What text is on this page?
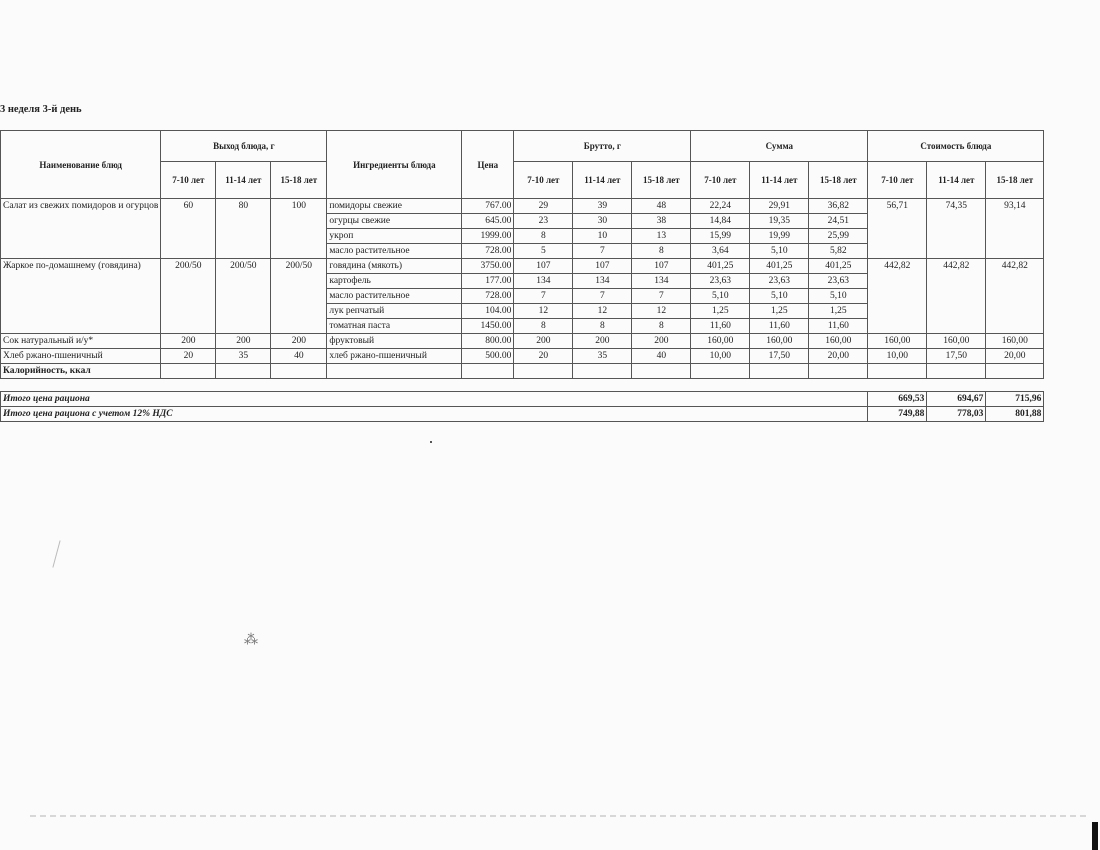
3 неделя 3-й день
Наименование блюд	Выход блюда, г			Ингредиенты блюда	Цена	Брутто, г			Сумма			Стоимость блюда		
	7-10 лет	11-14 лет	15-18 лет			7-10 лет	11-14 лет	15-18 лет	7-10 лет	11-14 лет	15-18 лет	7-10 лет	11-14 лет	15-18 лет
Салат из свежих помидоров и огурцов	60	80	100	помидоры свежие	767.00	29	39	48	22,24	29,91	36,82	56,71	74,35	93,14
				огурцы свежие	645.00	23	30	38	14,84	19,35	24,51			
				укроп	1999.00	8	10	13	15,99	19,99	25,99			
				масло растительное	728.00	5	7	8	3,64	5,10	5,82			
Жаркое по-домашнему (говядина)	200/50	200/50	200/50	говядина (мякоть)	3750.00	107	107	107	401,25	401,25	401,25	442,82	442,82	442,82
				картофель	177.00	134	134	134	23,63	23,63	23,63			
				масло растительное	728.00	7	7	7	5,10	5,10	5,10			
				лук репчатый	104.00	12	12	12	1,25	1,25	1,25			
				томатная паста	1450.00	8	8	8	11,60	11,60	11,60			
Сок натуральный и/у*	200	200	200	фруктовый	800.00	200	200	200	160,00	160,00	160,00	160,00	160,00	160,00
Хлеб ржано-пшеничный	20	35	40	хлеб ржано-пшеничный	500.00	20	35	40	10,00	17,50	20,00	10,00	17,50	20,00
Калорийность, ккал														

Итого цена рациона												669,53	694,67	715,96
Итого цена рациона с учетом 12% НДС												749,88	778,03	801,88
⁂
